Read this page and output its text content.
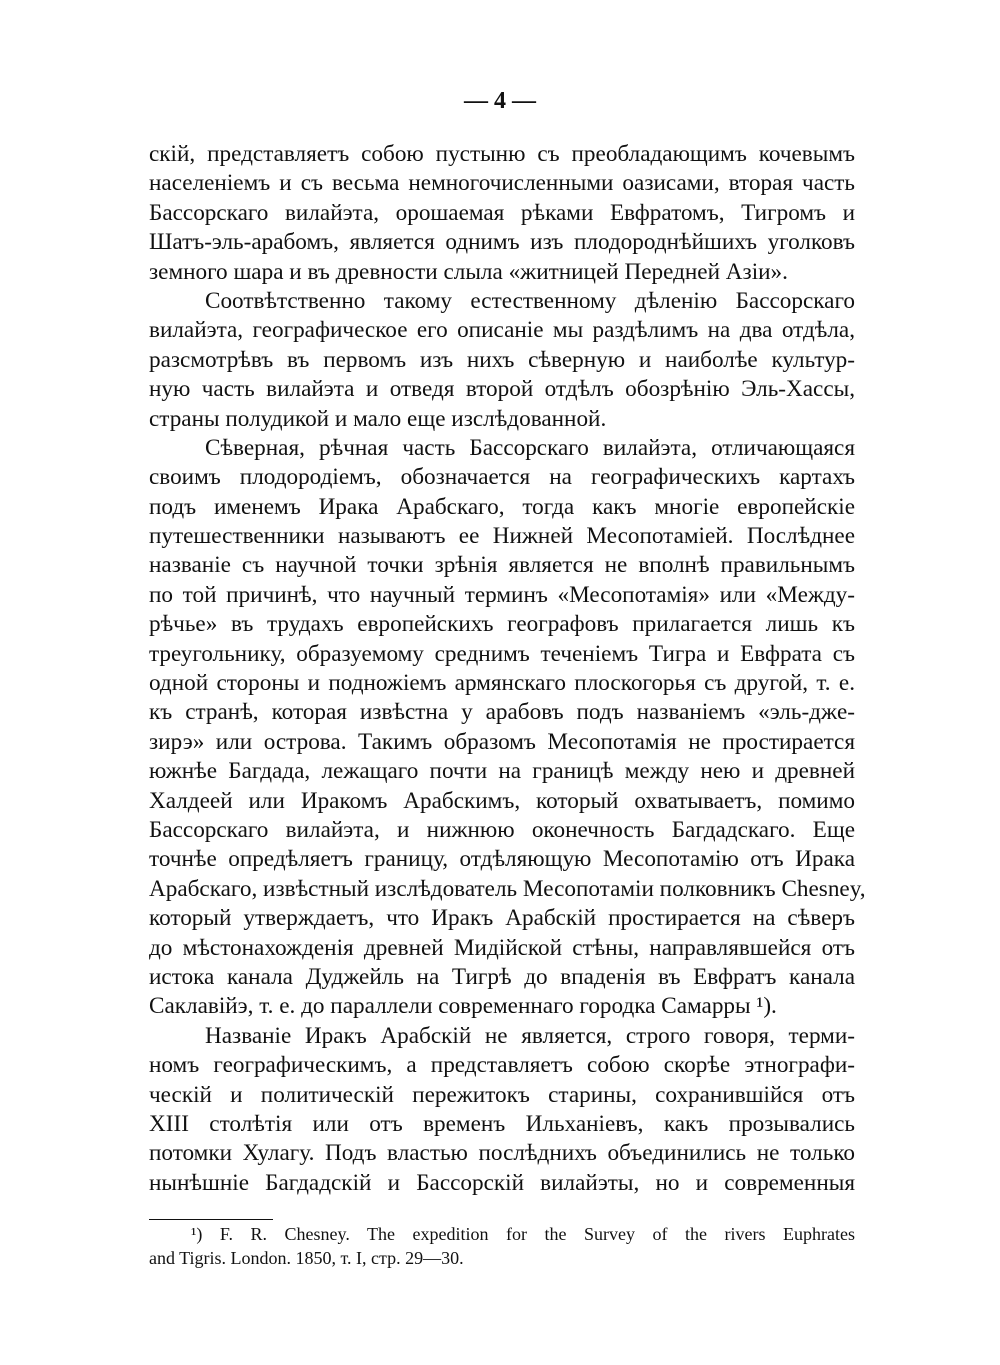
— 4 —
скій, представляетъ собою пустыню съ преобладающимъ кочевымъ
населеніемъ и съ весьма немногочисленными оазисами, вторая часть
Бассорскаго вилайэта, орошаемая рѣками Евфратомъ, Тигромъ и
Шатъ-эль-арабомъ, является однимъ изъ плодороднѣйшихъ уголковъ
земного шара и въ древности слыла «житницей Передней Азіи».
Соотвѣтственно такому естественному дѣленію Бассорскаго
вилайэта, географическое его описаніе мы раздѣлимъ на два отдѣла,
разсмотрѣвъ въ первомъ изъ нихъ сѣверную и наиболѣе культур-
ную часть вилайэта и отведя второй отдѣлъ обозрѣнію Эль-Хассы,
страны полудикой и мало еще изслѣдованной.
Сѣверная, рѣчная часть Бассорскаго вилайэта, отличающаяся
своимъ плодородіемъ, обозначается на географическихъ картахъ
подъ именемъ Ирака Арабскаго, тогда какъ многіе европейскіе
путешественники называютъ ее Нижней Месопотаміей. Послѣднее
названіе съ научной точки зрѣнія является не вполнѣ правильнымъ
по той причинѣ, что научный терминъ «Месопотамія» или «Между-
рѣчье» въ трудахъ европейскихъ географовъ прилагается лишь къ
треугольнику, образуемому среднимъ теченіемъ Тигра и Евфрата съ
одной стороны и подножіемъ армянскаго плоскогорья съ другой, т. е.
къ странѣ, которая извѣстна у арабовъ подъ названіемъ «эль-джe-
зирэ» или острова. Такимъ образомъ Месопотамія не простирается
южнѣе Багдада, лежащаго почти на границѣ между нею и древней
Халдеей или Иракомъ Арабскимъ, который охватываетъ, помимо
Бассорскаго вилайэта, и нижнюю оконечность Багдадскаго. Еще
точнѣе опредѣляетъ границу, отдѣляющую Месопотамію отъ Ирака
Арабскаго, извѣстный изслѣдователь Месопотаміи полковникъ Chesney,
который утверждаетъ, что Иракъ Арабскій простирается на сѣверъ
до мѣстонахожденія древней Мидійской стѣны, направлявшейся отъ
истока канала Дуджейль на Тигрѣ до впаденія въ Евфратъ канала
Саклавійэ, т. е. до параллели современнаго городка Самарры ¹).
Названіе Иракъ Арабскій не является, строго говоря, терми-
номъ географическимъ, а представляетъ собою скорѣе этнографи-
ческій и политическій пережитокъ старины, сохранившійся отъ
XIII столѣтія или отъ временъ Ильханіевъ, какъ прозывались
потомки Хулагу. Подъ властью послѣднихъ объединились не только
нынѣшніе Багдадскій и Бассорскій вилайэты, но и современныя
¹) F. R. Chesney. The expedition for the Survey of the rivers Euphrates
and Tigris. London. 1850, т. I, стр. 29—30.
